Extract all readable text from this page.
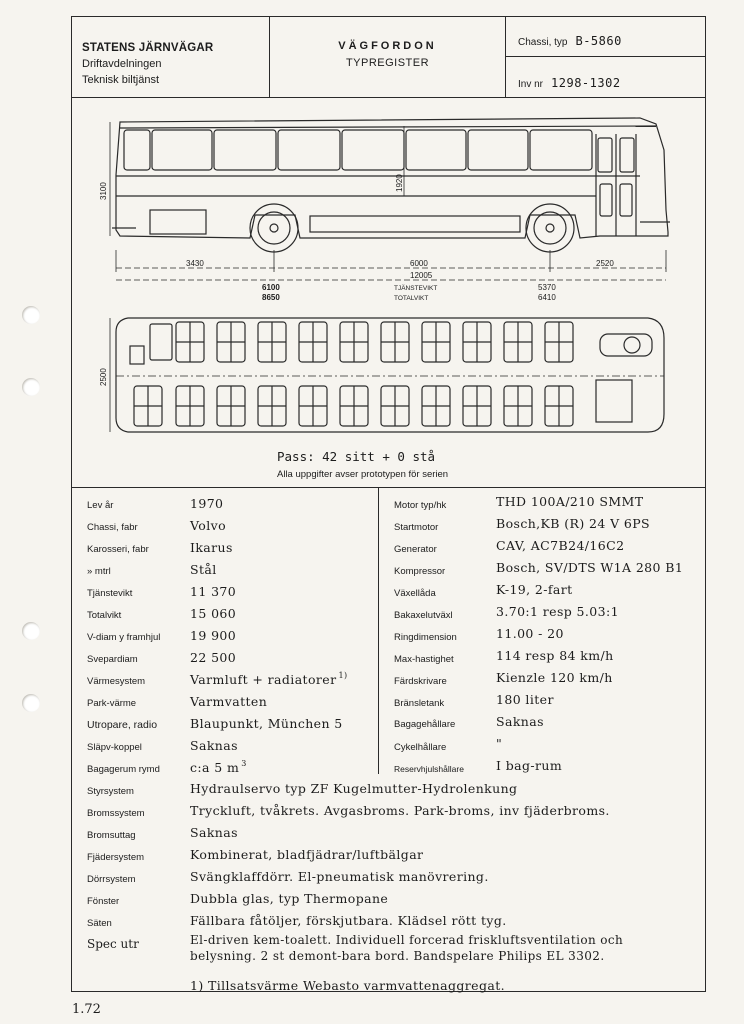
STATENS JÄRNVÄGAR
Driftavdelningen
Teknisk biltjänst
VÄGFORDON
TYPREGISTER
Chassi, typ B-5860
Inv nr 1298-1302
3100	1920
3430	6000	2520
12005
6100	TJÄNSTEVIKT	5370
8650	TOTALVIKT	6410
2500
Pass: 42 sitt + 0 stå
Alla uppgifter avser prototypen för serien
Lev år	1970
Chassi, fabr	Volvo
Karosseri, fabr	Ikarus
» mtrl	Stål
Tjänstevikt	11 370
Totalvikt	15 060
V-diam y framhjul 19 900
Svepardiam	22 500
Värmesystem	Varmluft + radiatorer $^{1)}$
Park-värme	Varmvatten
Utropare, radio	Blaupunkt, München 5
Släpv-koppel	Saknas
Bagagerum rymd c:a 5 m $^3$
Motor typ/hk	THD 100A/210 SMMT
Startmotor	Bosch,KB (R) 24 V 6PS
Generator	CAV, AC7B24/16C2
Kompressor	Bosch, SV/DTS W1A 280 B1
Växellåda	K-19, 2-fart
Bakaxelutväxl	3.70:1 resp 5.03:1
Ringdimension	11.00 - 20
Max-hastighet	114 resp 84 km/h
Färdskrivare	Kienzle 120 km/h
Bränsletank	180 liter
Bagagehållare	Saknas
Cykelhållare	"
Reservhjulshållare	I bag-rum
Styrsystem	Hydraulservo typ ZF Kugelmutter-Hydrolenkung
Bromssystem	Tryckluft, tvåkrets. Avgasbroms. Park-broms, inv fjäderbroms.
Bromsuttag	Saknas
Fjädersystem	Kombinerat, bladfjädrar/luftbälgar
Dörrsystem	Svängklaffdörr. El-pneumatisk manövrering.
Fönster	Dubbla glas, typ Thermopane
Säten	Fällbara fåtöljer, förskjutbara. Klädsel rött tyg.
Spec utr	El-driven kem-toalett. Individuell forcerad friskluftsventilation och
belysning. 2 st demont-bara bord. Bandspelare Philips EL 3302.
1) Tillsatsvärme Webasto varmvattenaggregat.
1.72
